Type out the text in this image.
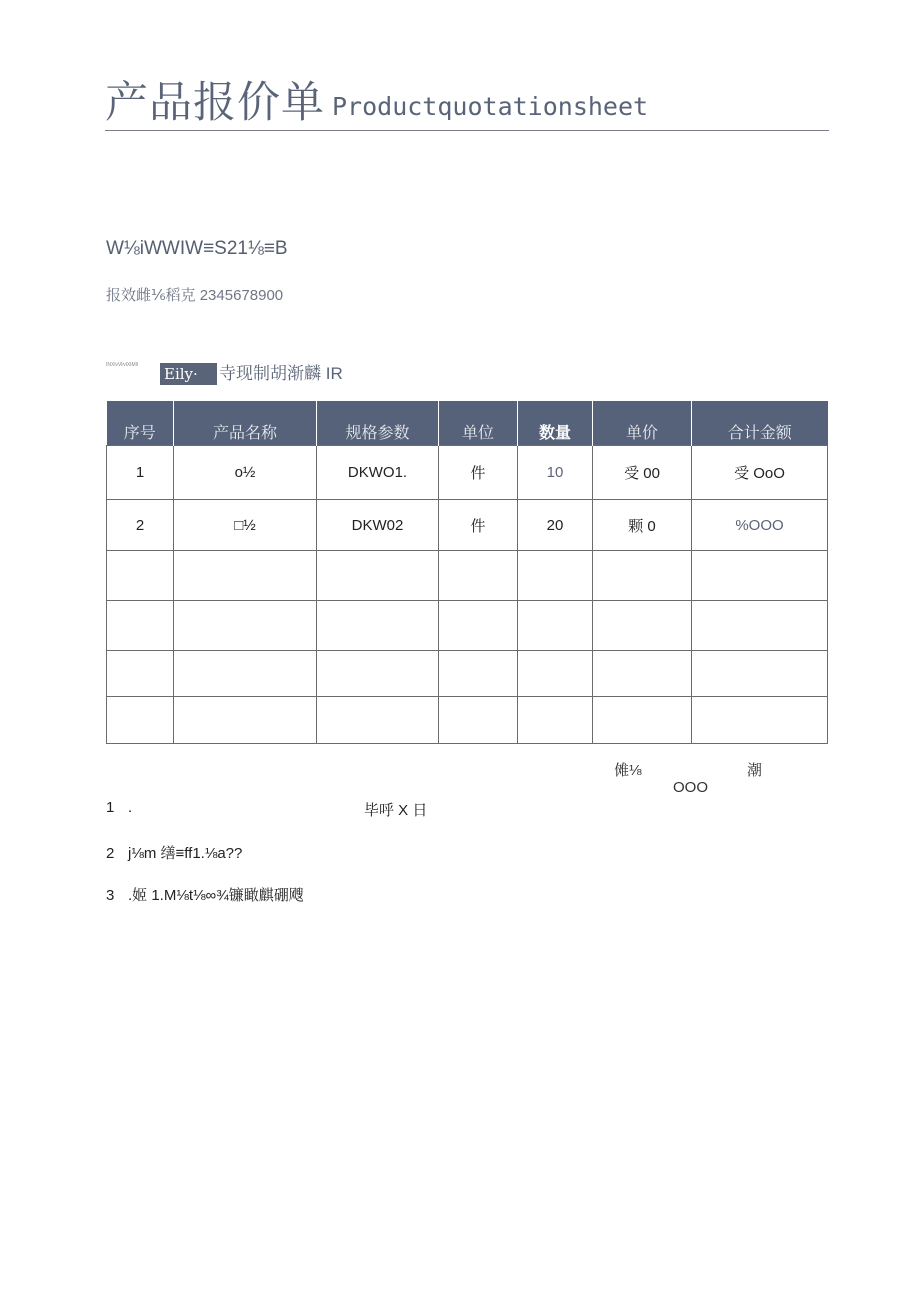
产品报价单 Productquotationsheet
W⅛iWWIW≡S21⅛≡B
报效雌⅙稻克 2345678900
INXlvVl∕vlXtMll Eily·	寺现制胡渐麟 IR
序号	产品名称	规格参数	单位	数量	单价	合计金额
1	o½	DKWO1.	件	10	受 00	受 OoO
2	□½	DKW02	件	20	颗 0	%OOO

傩⅛	潮
OOO
1 .	毕呼 X 日
2 j⅛m 缮≡ff1.⅛a??
3 .姬 1.M⅛t⅛∞¾镰瞰麒硼飕
